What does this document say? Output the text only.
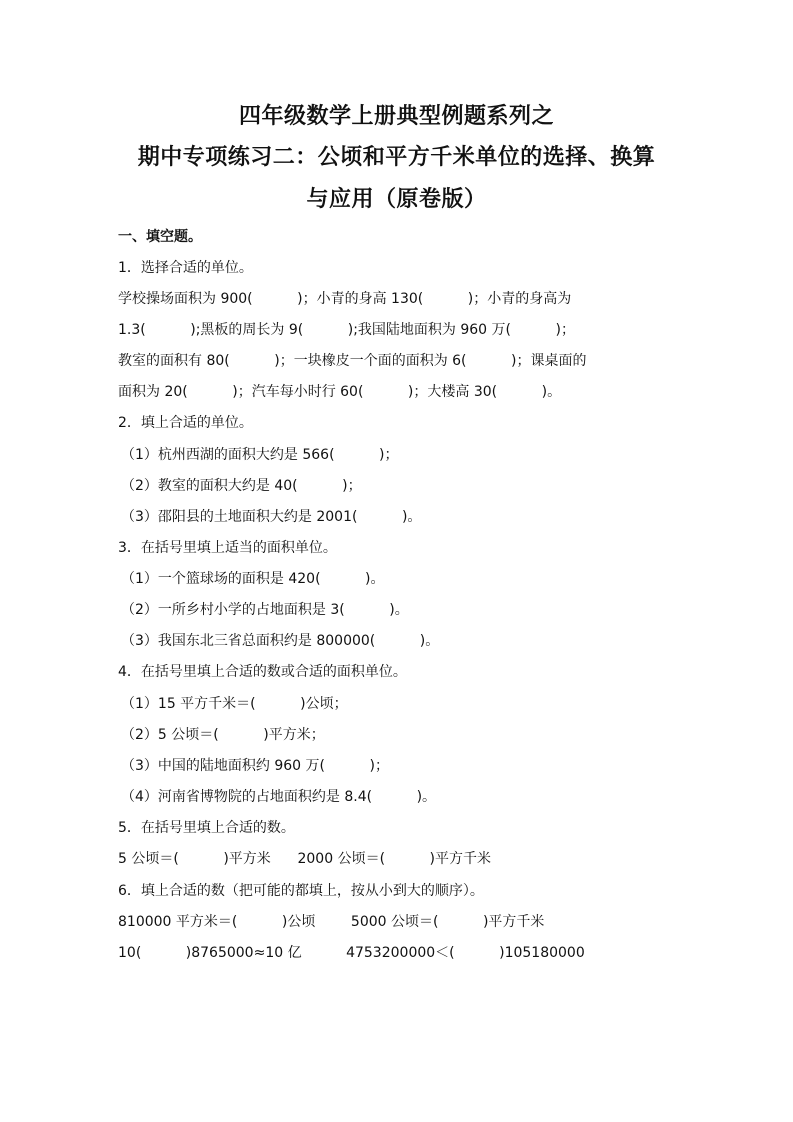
四年级数学上册典型例题系列之
期中专项练习二：公顷和平方千米单位的选择、换算
与应用（原卷版）
一、填空题。
1．选择合适的单位。
学校操场面积为 900(          )；小青的身高 130(          )；小青的身高为
1.3(          );黑板的周长为 9(          );我国陆地面积为 960 万(          )；
教室的面积有 80(          )；一块橡皮一个面的面积为 6(          )；课桌面的
面积为 20(          )；汽车每小时行 60(          )；大楼高 30(          )。
2．填上合适的单位。
（1）杭州西湖的面积大约是 566(          )；
（2）教室的面积大约是 40(          )；
（3）邵阳县的土地面积大约是 2001(          )。
3．在括号里填上适当的面积单位。
（1）一个篮球场的面积是 420(          )。
（2）一所乡村小学的占地面积是 3(          )。
（3）我国东北三省总面积约是 800000(          )。
4．在括号里填上合适的数或合适的面积单位。
（1）15 平方千米＝(          )公顷；
（2）5 公顷＝(          )平方米；
（3）中国的陆地面积约 960 万(          )；
（4）河南省博物院的占地面积约是 8.4(          )。
5．在括号里填上合适的数。
5 公顷＝(          )平方米      2000 公顷＝(          )平方千米
6．填上合适的数（把可能的都填上，按从小到大的顺序）。
810000 平方米＝(          )公顷        5000 公顷＝(          )平方千米
10(          )8765000≈10 亿          4753200000＜(          )105180000
